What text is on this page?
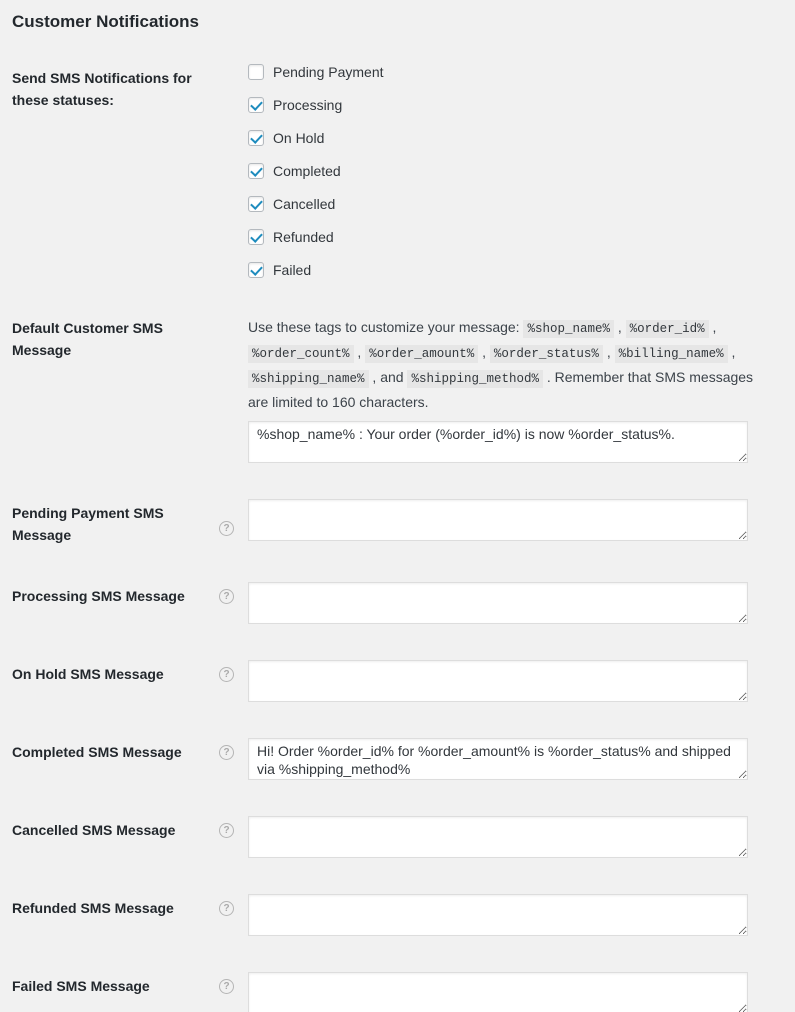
Customer Notifications
Send SMS Notifications for these statuses:
Pending Payment
Processing
On Hold
Completed
Cancelled
Refunded
Failed
Default Customer SMS Message

Use these tags to customize your message: %shop_name% , %order_id% , %order_count% , %order_amount% , %order_status% , %billing_name% , %shipping_name% , and %shipping_method% . Remember that SMS messages are limited to 160 characters.

%shop_name% : Your order (%order_id%) is now %order_status%.
Pending Payment SMS Message	?
Processing SMS Message	?
On Hold SMS Message	?
Completed SMS Message	?
Hi! Order %order_id% for %order_amount% is %order_status% and shipped via %shipping_method%
Cancelled SMS Message	?
Refunded SMS Message	?
Failed SMS Message	?
